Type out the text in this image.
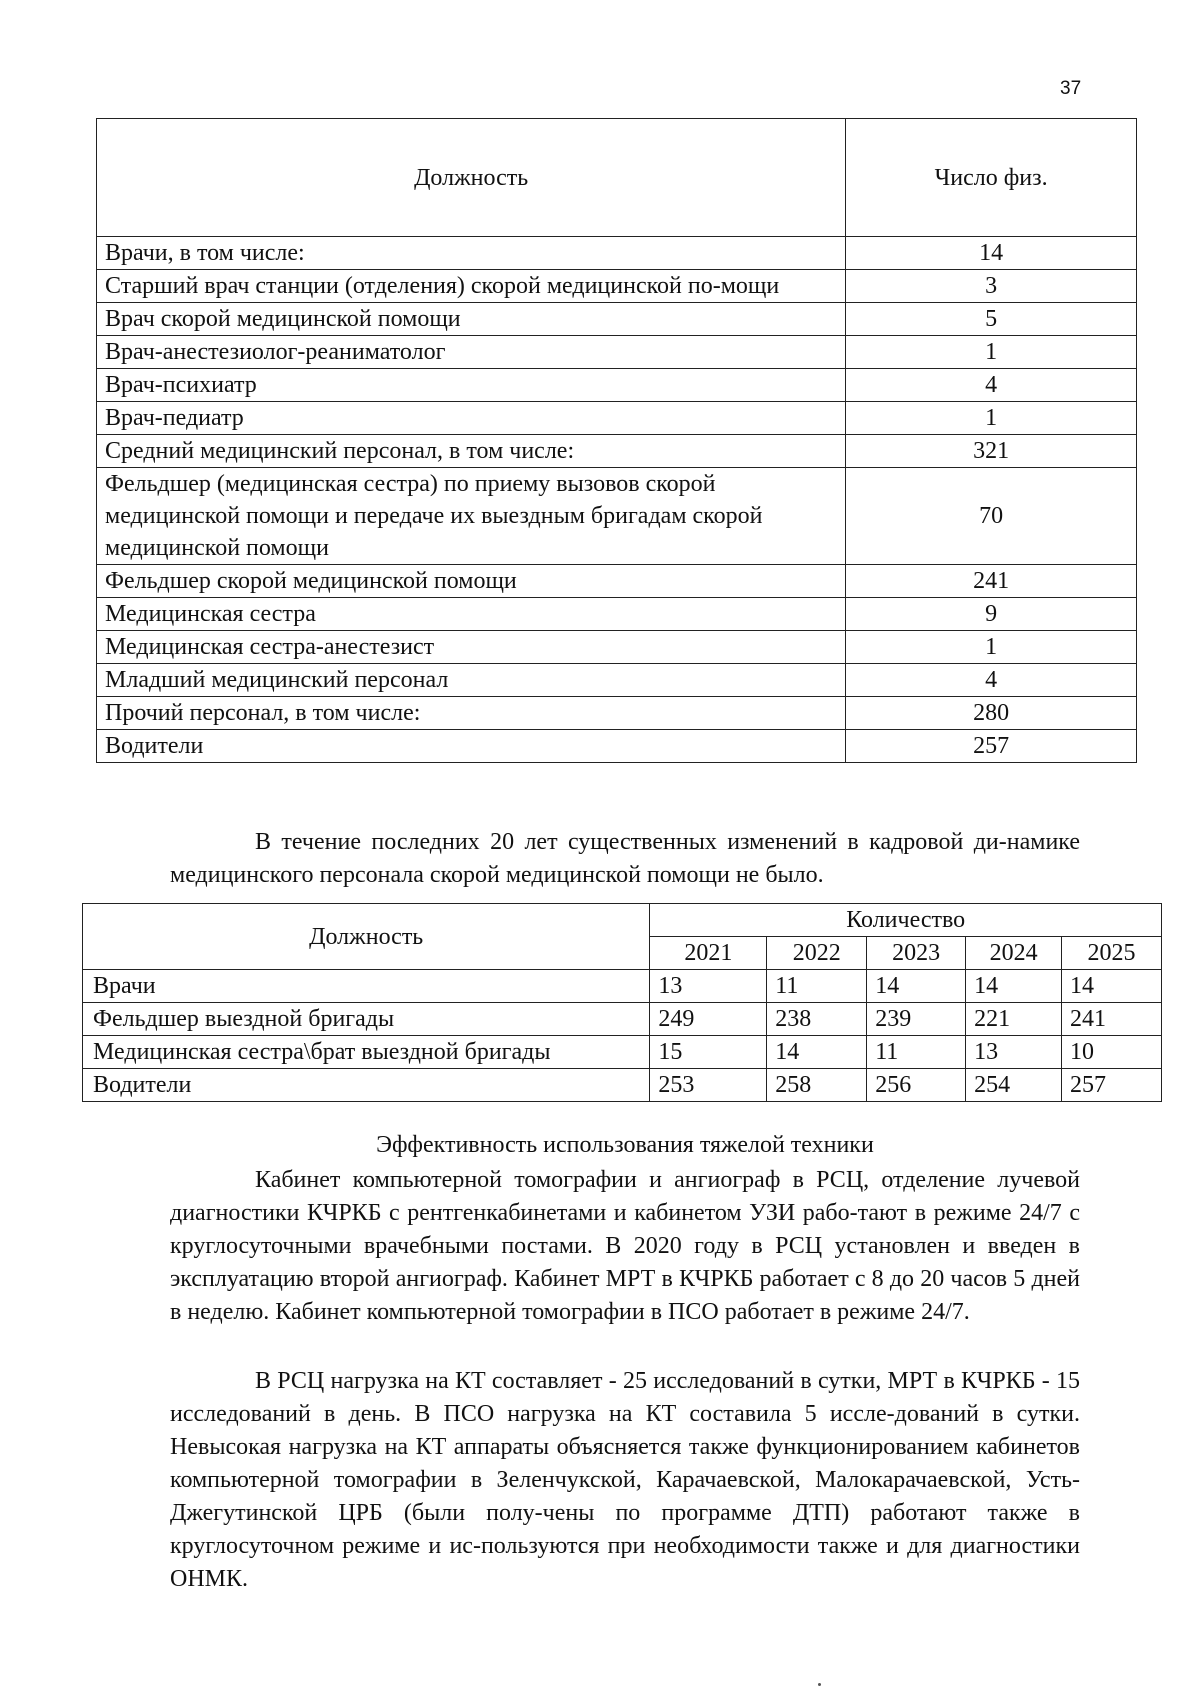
37
Должность	Число физ.
Врачи, в том числе:	14
Старший врач станции (отделения) скорой медицинской по-мощи	3
Врач скорой медицинской помощи	5
Врач-анестезиолог-реаниматолог	1
Врач-психиатр	4
Врач-педиатр	1
Средний медицинский персонал, в том числе:	321
Фельдшер (медицинская сестра) по приему вызовов скорой медицинской помощи и передаче их выездным бригадам скорой медицинской помощи	70
Фельдшер скорой медицинской помощи	241
Медицинская сестра	9
Медицинская сестра-анестезист	1
Младший медицинский персонал	4
Прочий персонал, в том числе:	280
Водители	257

В течение последних 20 лет существенных изменений в кадровой ди-намике медицинского персонала скорой медицинской помощи не было.

Должность	Количество				
	2021	2022	2023	2024	2025
Врачи	13	11	14	14	14
Фельдшер выездной бригады	249	238	239	221	241
Медицинская сестра\брат выездной бригады	15	14	11	13	10
Водители	253	258	256	254	257

Эффективность использования тяжелой техники

Кабинет компьютерной томографии и ангиограф в РСЦ, отделение лучевой диагностики КЧРКБ с рентгенкабинетами и кабинетом УЗИ рабо-тают в режиме 24/7 с круглосуточными врачебными постами. В 2020 году в РСЦ установлен и введен в эксплуатацию второй ангиограф. Кабинет МРТ в КЧРКБ работает с 8 до 20 часов 5 дней в неделю. Кабинет компьютерной томографии в ПСО работает в режиме 24/7.

В РСЦ нагрузка на КТ составляет - 25 исследований в сутки, МРТ в КЧРКБ - 15 исследований в день. В ПСО нагрузка на КТ составила 5 иссле-дований в сутки. Невысокая нагрузка на КТ аппараты объясняется также функционированием кабинетов компьютерной томографии в Зеленчукской, Карачаевской, Малокарачаевской, Усть-Джегутинской ЦРБ (были полу-чены по программе ДТП) работают также в круглосуточном режиме и ис-пользуются при необходимости также и для диагностики ОНМК.
